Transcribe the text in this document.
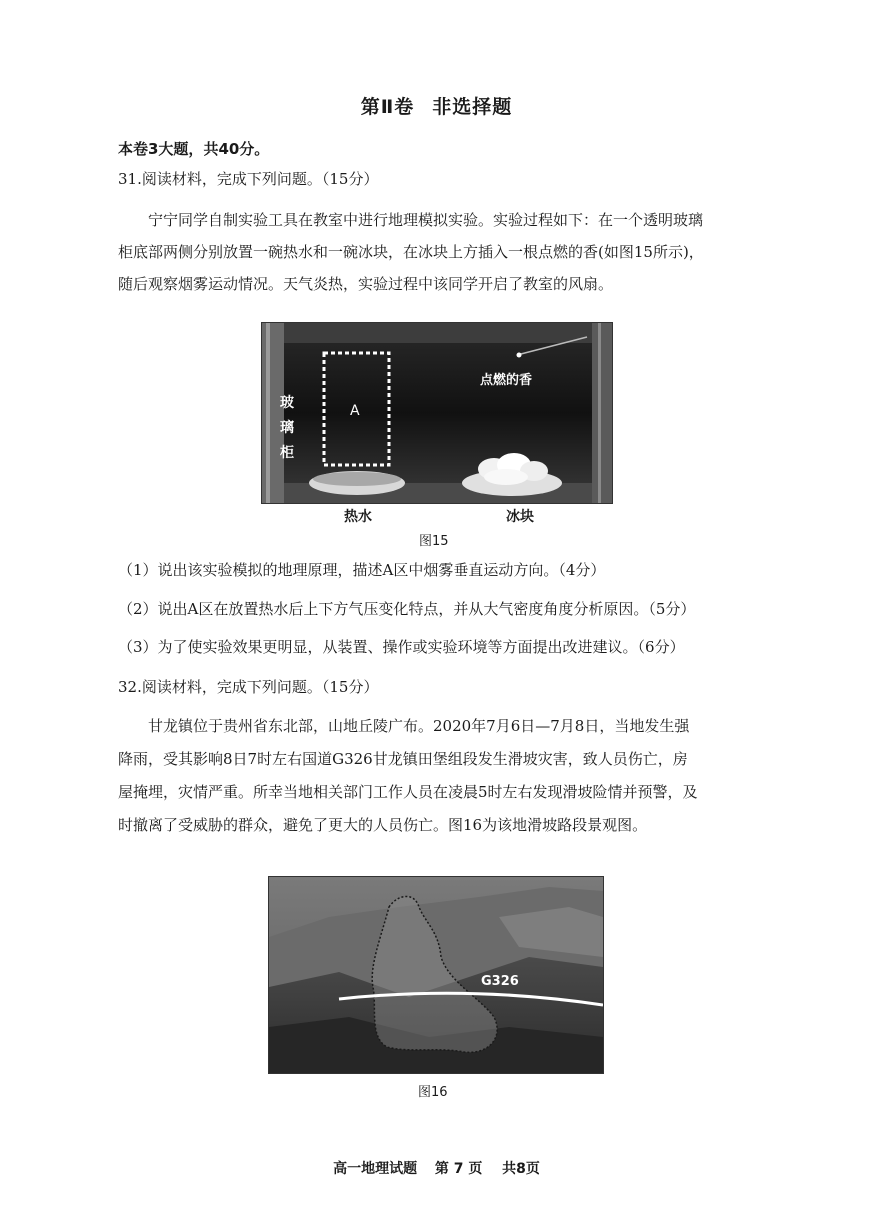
第Ⅱ卷 非选择题
本卷3大题，共40分。
31.阅读材料，完成下列问题。（15分）

宁宁同学自制实验工具在教室中进行地理模拟实验。实验过程如下：在一个透明玻璃

柜底部两侧分别放置一碗热水和一碗冰块，在冰块上方插入一根点燃的香(如图15所示)，

随后观察烟雾运动情况。天气炎热，实验过程中该同学开启了教室的风扇。

玻
璃
柜
A
点燃的香
热水	冰块
图15
（1）说出该实验模拟的地理原理，描述A区中烟雾垂直运动方向。（4分）
（2）说出A区在放置热水后上下方气压变化特点，并从大气密度角度分析原因。（5分）
（3）为了使实验效果更明显，从装置、操作或实验环境等方面提出改进建议。（6分）
32.阅读材料，完成下列问题。（15分）

甘龙镇位于贵州省东北部，山地丘陵广布。2020年7月6日—7月8日，当地发生强

降雨，受其影响8日7时左右国道G326甘龙镇田堡组段发生滑坡灾害，致人员伤亡，房

屋掩埋，灾情严重。所幸当地相关部门工作人员在凌晨5时左右发现滑坡险情并预警，及

时撤离了受威胁的群众，避免了更大的人员伤亡。图16为该地滑坡路段景观图。

G326
图16
高一地理试题 第 7 页 共8页
